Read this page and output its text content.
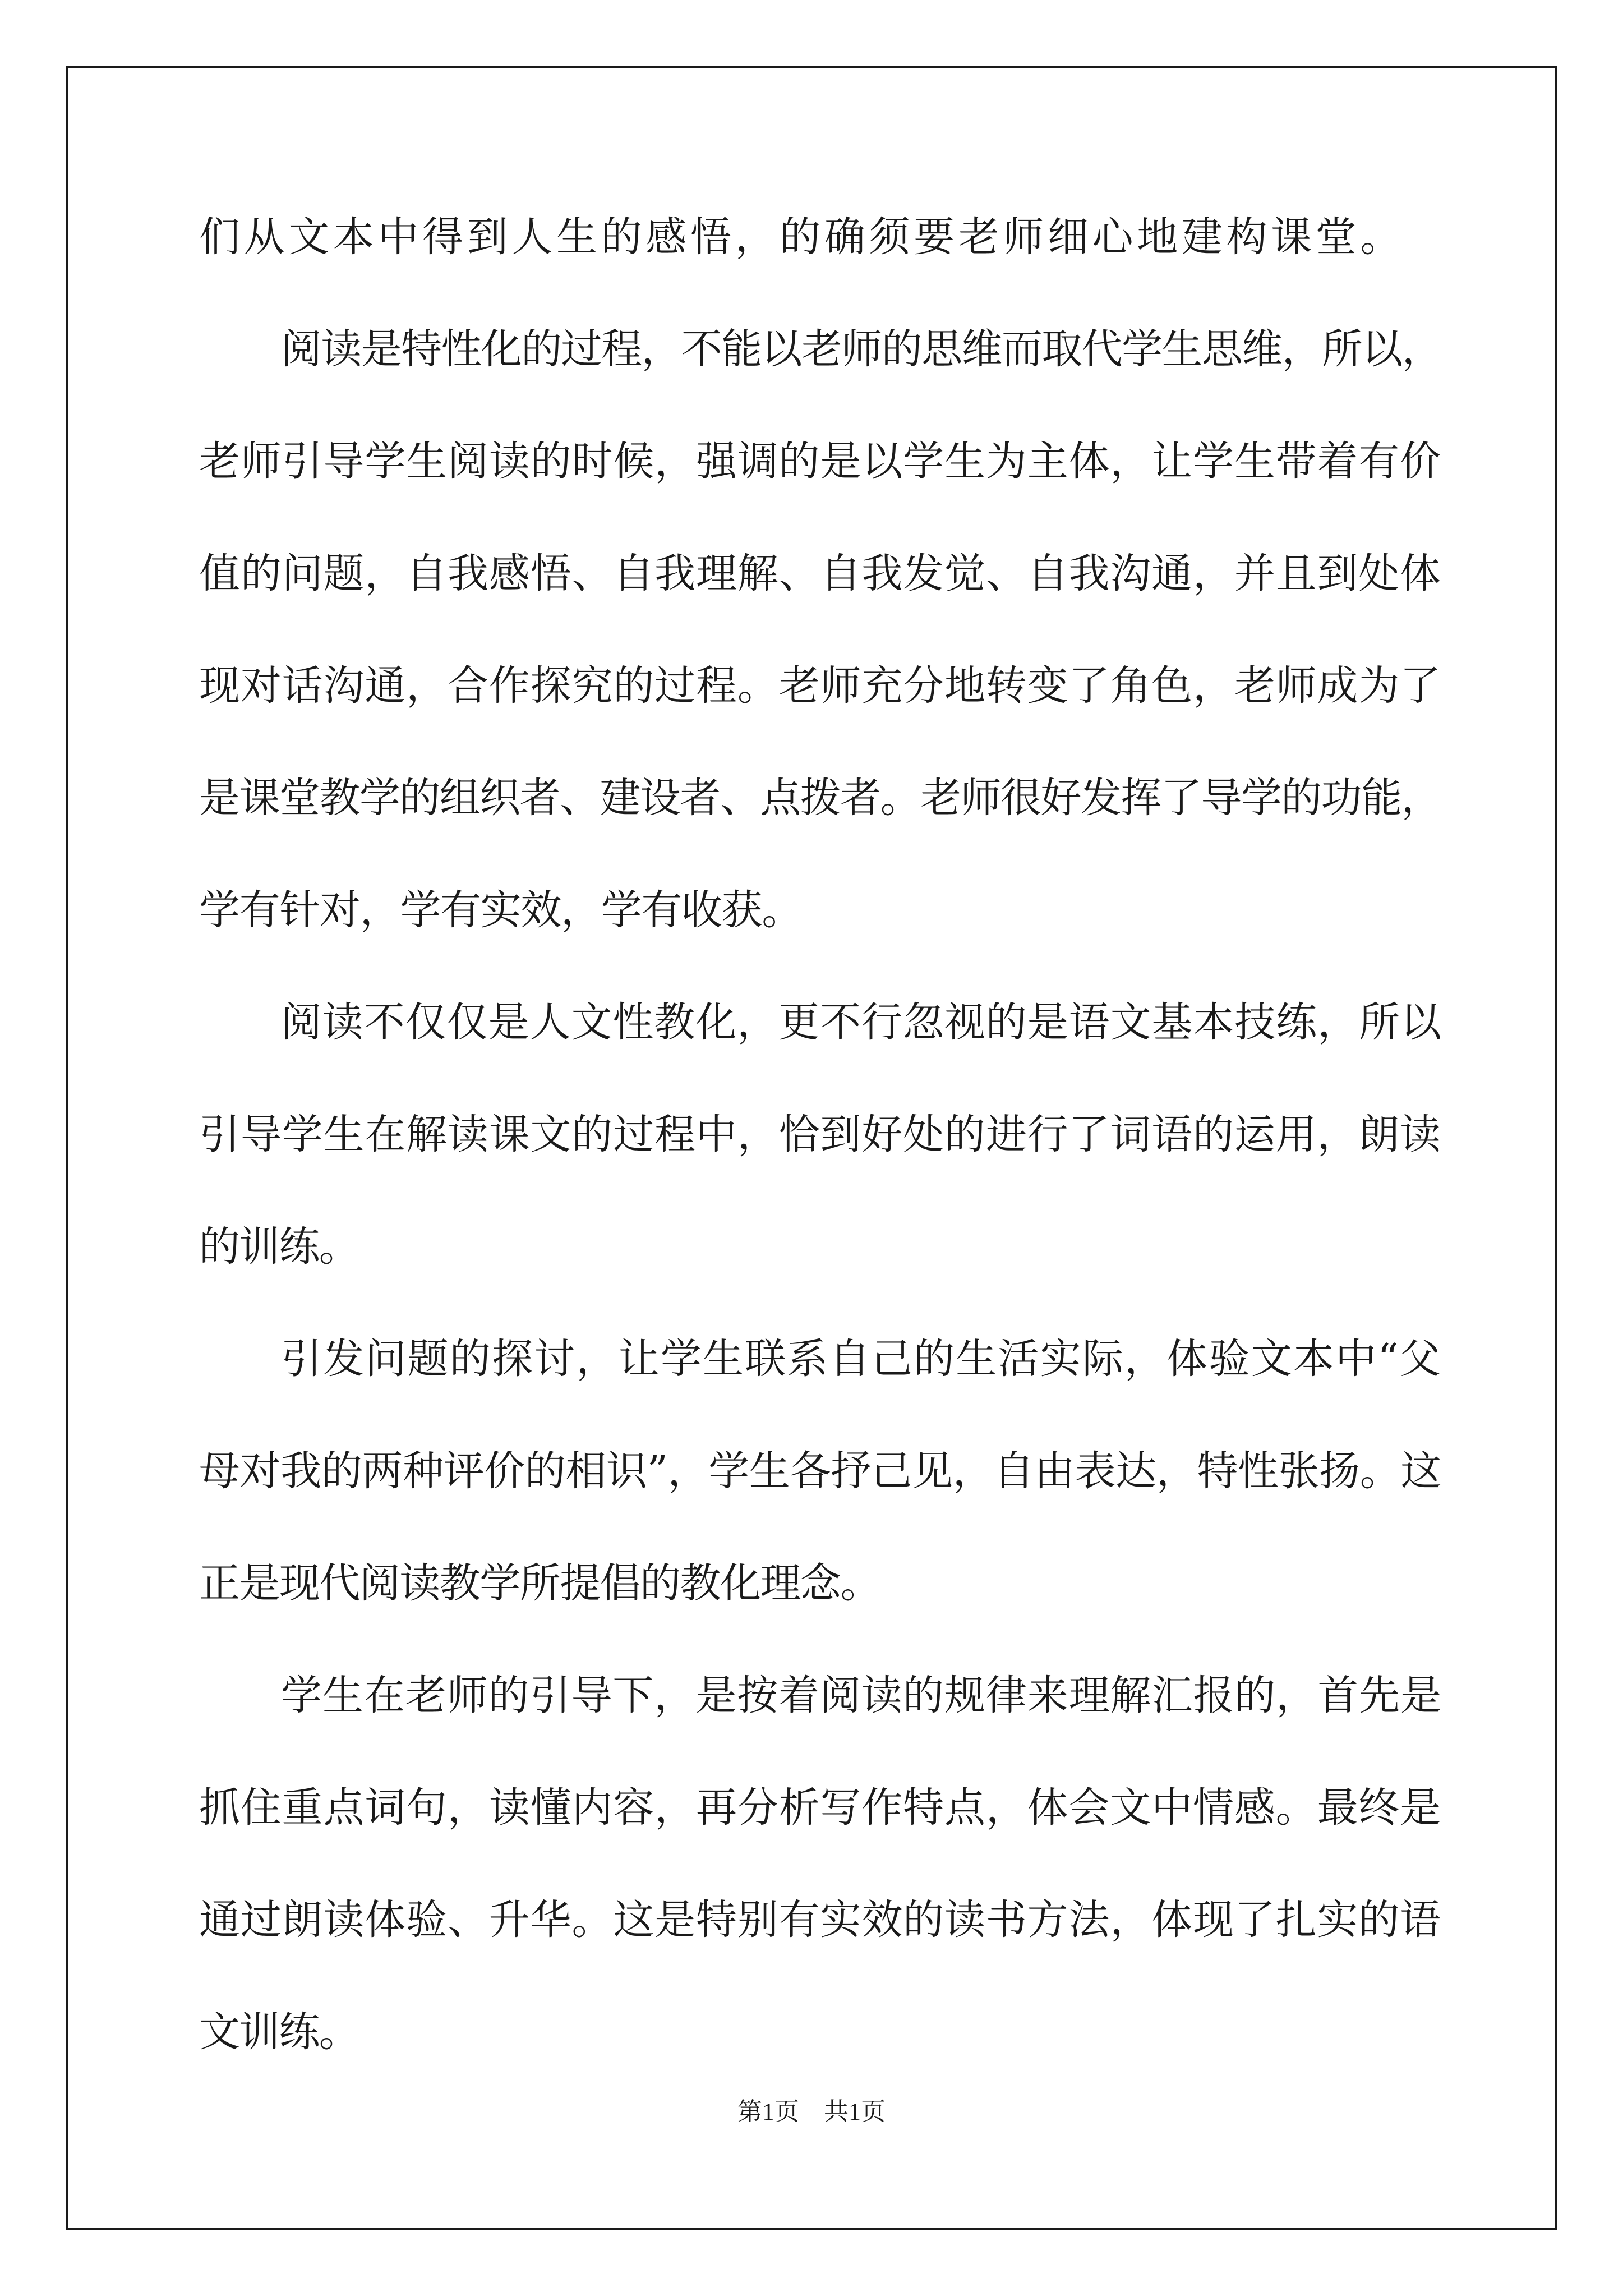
们从文本中得到人生的感悟，的确须要老师细心地建构课堂。
阅读是特性化的过程，不能以老师的思维而取代学生思维，所以，
老师引导学生阅读的时候，强调的是以学生为主体，让学生带着有价
值的问题，自我感悟、自我理解、自我发觉、自我沟通，并且到处体
现对话沟通，合作探究的过程。老师充分地转变了角色，老师成为了
是课堂教学的组织者、建设者、点拨者。老师很好发挥了导学的功能，
学有针对，学有实效，学有收获。
阅读不仅仅是人文性教化，更不行忽视的是语文基本技练，所以
引导学生在解读课文的过程中，恰到好处的进行了词语的运用，朗读
的训练。
引发问题的探讨，让学生联系自己的生活实际，体验文本中“父
母对我的两种评价的相识”，学生各抒己见，自由表达，特性张扬。这
正是现代阅读教学所提倡的教化理念。
学生在老师的引导下，是按着阅读的规律来理解汇报的，首先是
抓住重点词句，读懂内容，再分析写作特点，体会文中情感。最终是
通过朗读体验、升华。这是特别有实效的读书方法，体现了扎实的语
文训练。
第1页　共1页
